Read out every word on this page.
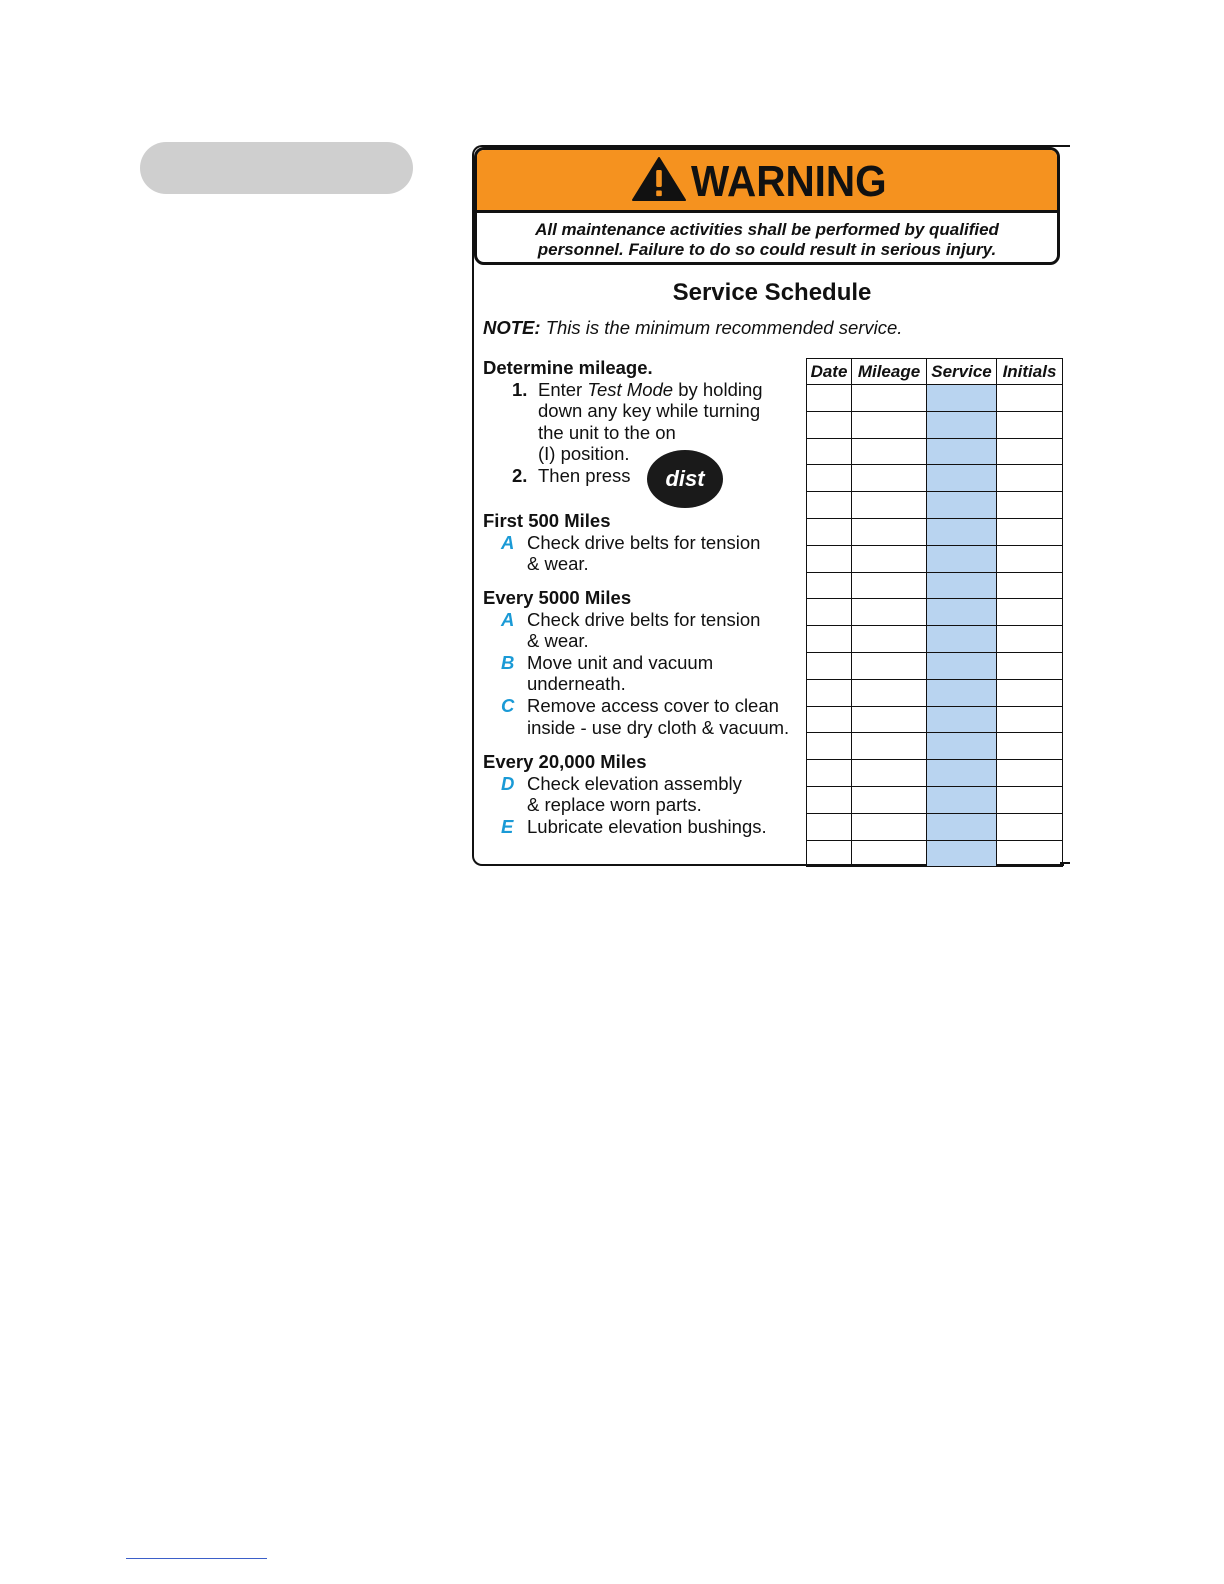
WARNING
All maintenance activities shall be performed by qualified
personnel. Failure to do so could result in serious injury.
Service Schedule
NOTE: This is the minimum recommended service.
Determine mileage.
1. Enter Test Mode by holding
down any key while turning
the unit to the on
(I) position.
2. Then press	dist
First 500 Miles
A Check drive belts for tension
& wear.
Every 5000 Miles
A Check drive belts for tension
& wear.
B Move unit and vacuum
underneath.
C Remove access cover to clean
inside - use dry cloth & vacuum.
Every 20,000 Miles
D Check elevation assembly
& replace worn parts.
E Lubricate elevation bushings.
Date	Mileage	Service	Initials
